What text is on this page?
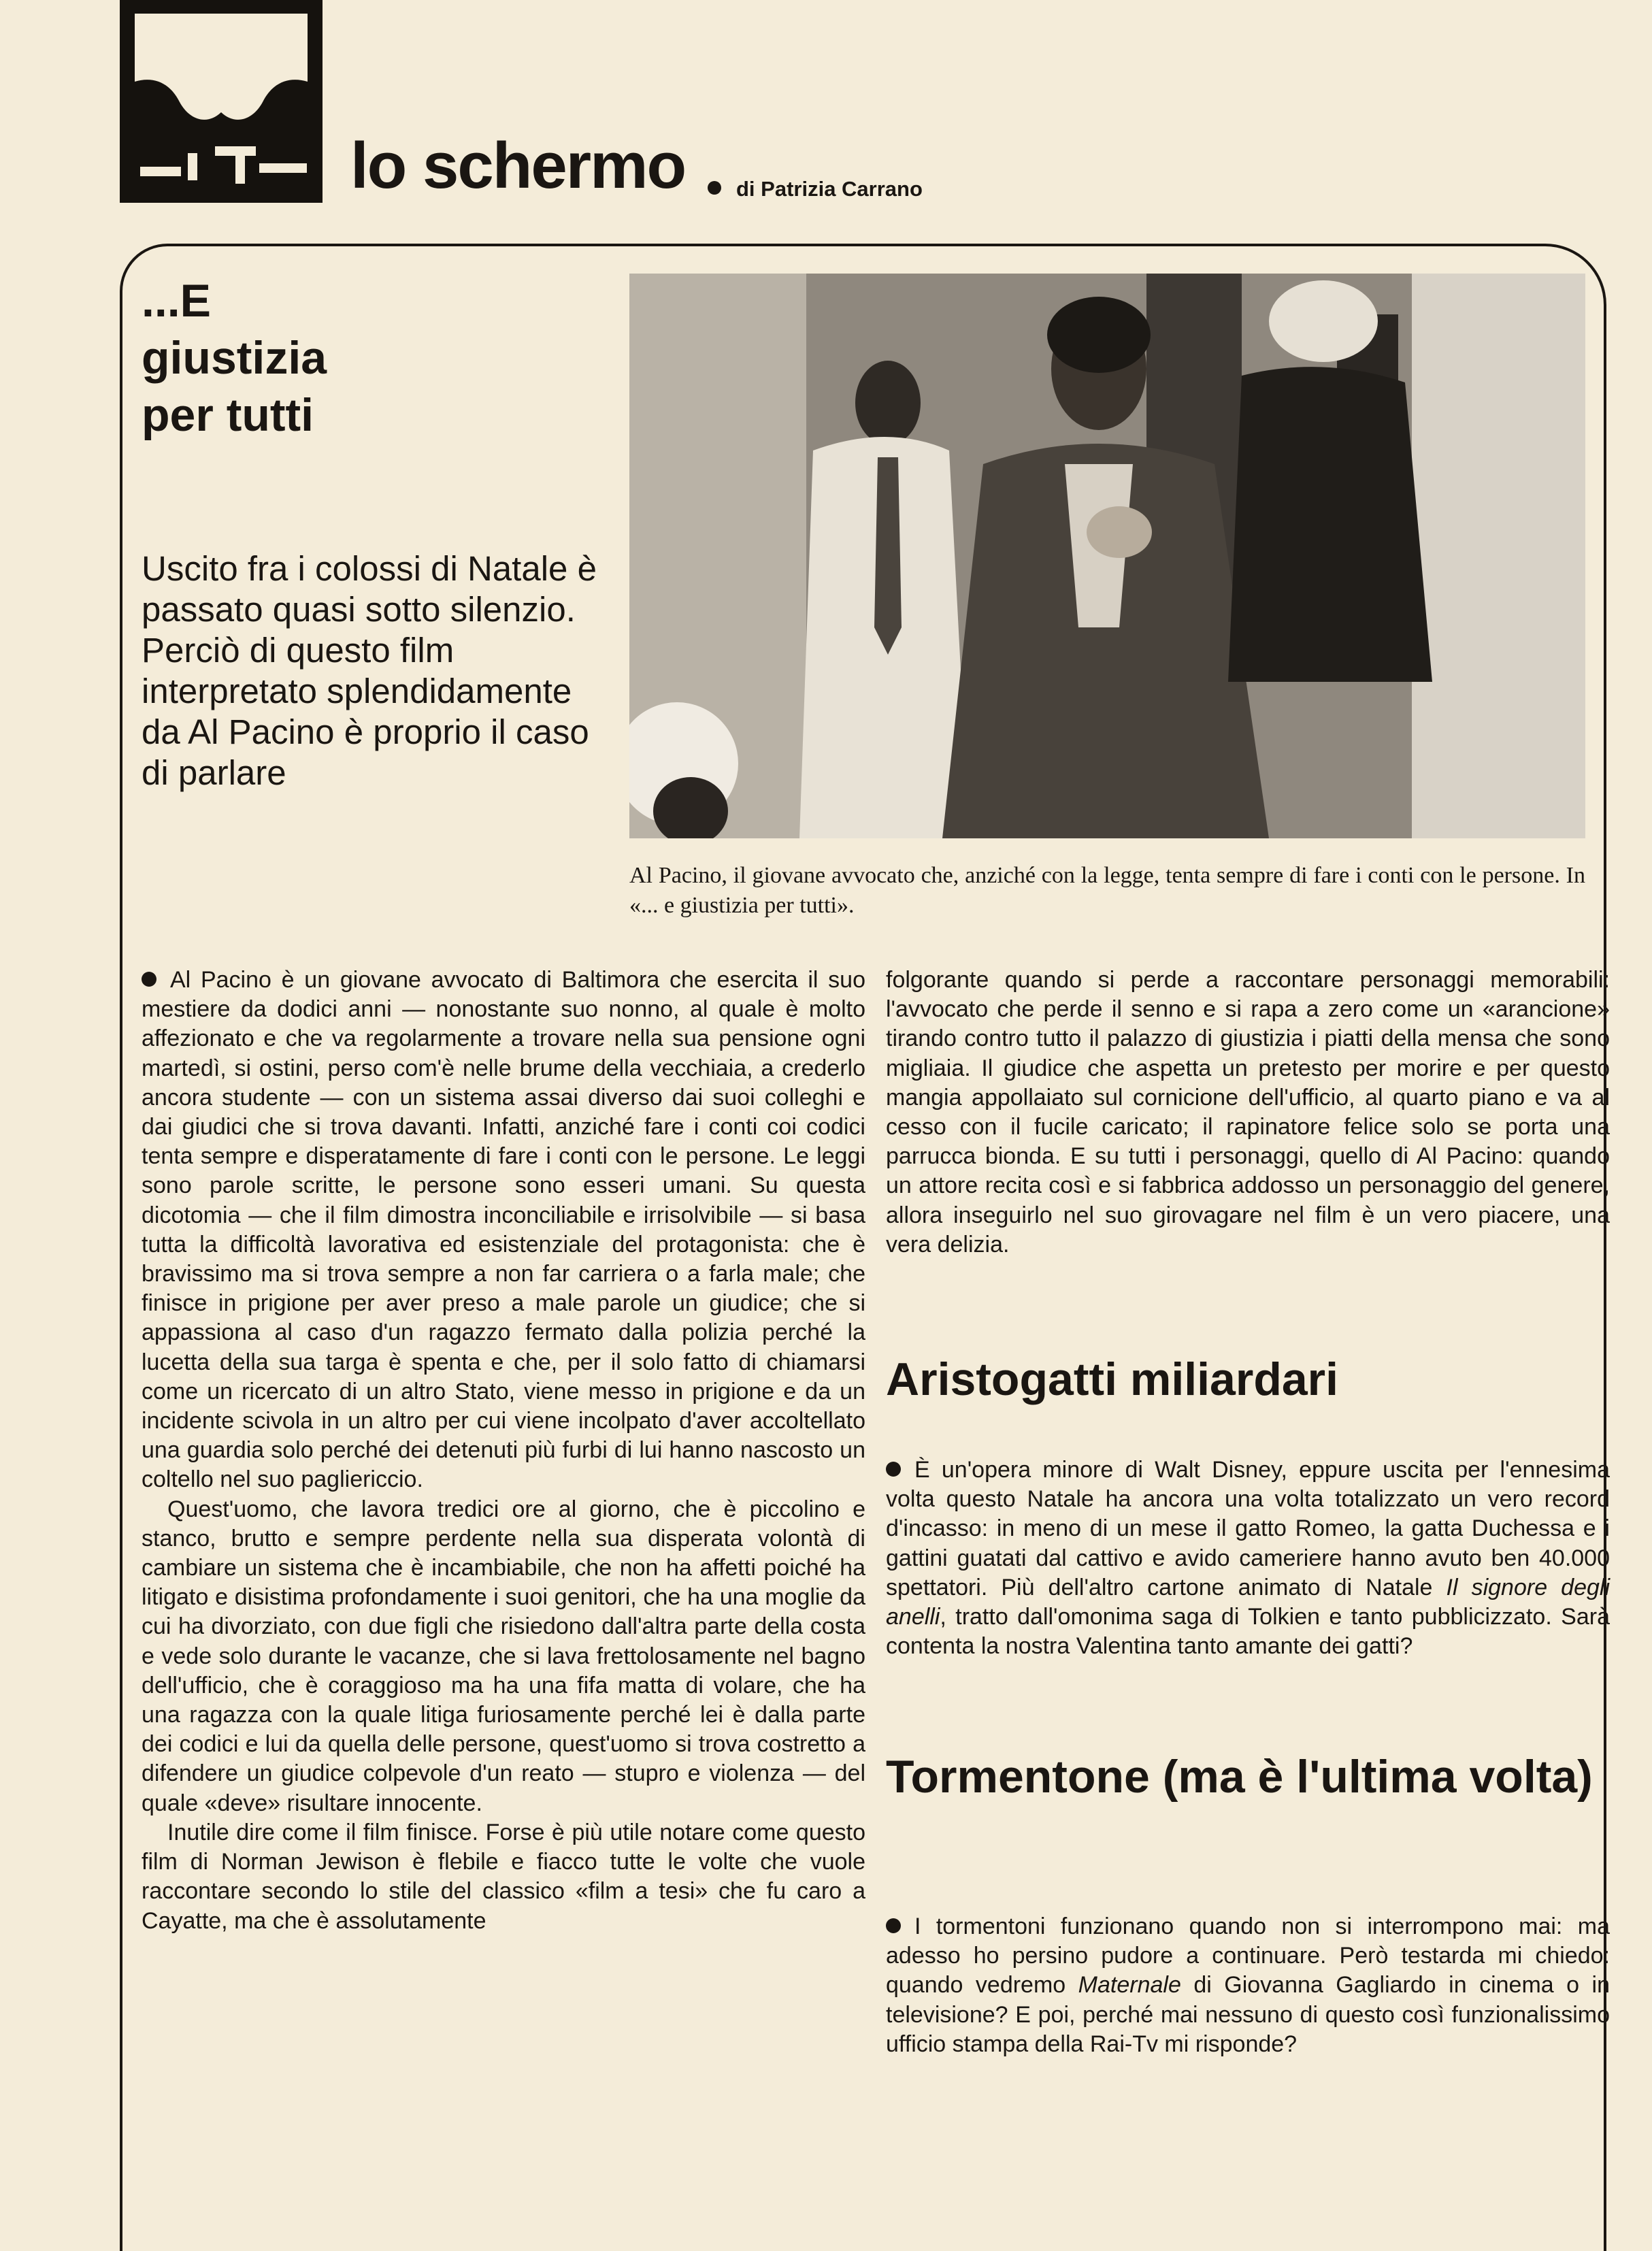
lo schermo	di Patrizia Carrano
...E
giustizia
per tutti
Uscito fra i colossi di Natale è passato quasi sotto silenzio. Perciò di questo film interpretato splendidamente da Al Pacino è proprio il caso di parlare
Al Pacino, il giovane avvocato che, anziché con la legge, tenta sempre di fare i conti con le persone. In «... e giustizia per tutti».

Al Pacino è un giovane avvocato di Baltimora che esercita il suo mestiere da dodici anni — nonostante suo nonno, al quale è molto affezionato e che va regolarmente a trovare nella sua pensione ogni martedì, si ostini, perso com'è nelle brume della vecchiaia, a crederlo ancora studente — con un sistema assai diverso dai suoi colleghi e dai giudici che si trova davanti. Infatti, anziché fare i conti coi codici tenta sempre e disperatamente di fare i conti con le persone. Le leggi sono parole scritte, le persone sono esseri umani. Su questa dicotomia — che il film dimostra inconciliabile e irrisolvibile — si basa tutta la difficoltà lavorativa ed esistenziale del protagonista: che è bravissimo ma si trova sempre a non far carriera o a farla male; che finisce in prigione per aver preso a male parole un giudice; che si appassiona al caso d'un ragazzo fermato dalla polizia perché la lucetta della sua targa è spenta e che, per il solo fatto di chiamarsi come un ricercato di un altro Stato, viene messo in prigione e da un incidente scivola in un altro per cui viene incolpato d'aver accoltellato una guardia solo perché dei detenuti più furbi di lui hanno nascosto un coltello nel suo pagliericcio.

Quest'uomo, che lavora tredici ore al giorno, che è piccolino e stanco, brutto e sempre perdente nella sua disperata volontà di cambiare un sistema che è incambiabile, che non ha affetti poiché ha litigato e disistima profondamente i suoi genitori, che ha una moglie da cui ha divorziato, con due figli che risiedono dall'altra parte della costa e vede solo durante le vacanze, che si lava frettolosamente nel bagno dell'ufficio, che è coraggioso ma ha una fifa matta di volare, che ha una ragazza con la quale litiga furiosamente perché lei è dalla parte dei codici e lui da quella delle persone, quest'uomo si trova costretto a difendere un giudice colpevole d'un reato — stupro e violenza — del quale «deve» risultare innocente.

Inutile dire come il film finisce. Forse è più utile notare come questo film di Norman Jewison è flebile e fiacco tutte le volte che vuole raccontare secondo lo stile del classico «film a tesi» che fu caro a Cayatte, ma che è assolutamente

folgorante quando si perde a raccontare personaggi memorabili: l'avvocato che perde il senno e si rapa a zero come un «arancione» tirando contro tutto il palazzo di giustizia i piatti della mensa che sono migliaia. Il giudice che aspetta un pretesto per morire e per questo mangia appollaiato sul cornicione dell'ufficio, al quarto piano e va al cesso con il fucile caricato; il rapinatore felice solo se porta una parrucca bionda. E su tutti i personaggi, quello di Al Pacino: quando un attore recita così e si fabbrica addosso un personaggio del genere, allora inseguirlo nel suo girovagare nel film è un vero piacere, una vera delizia.

Aristogatti miliardari
È un'opera minore di Walt Disney, eppure uscita per l'ennesima volta questo Natale ha ancora una volta totalizzato un vero record d'incasso: in meno di un mese il gatto Romeo, la gatta Duchessa e i gattini guatati dal cattivo e avido cameriere hanno avuto ben 40.000 spettatori. Più dell'altro cartone animato di Natale Il signore degli anelli, tratto dall'omonima saga di Tolkien e tanto pubblicizzato. Sarà contenta la nostra Valentina tanto amante dei gatti?
Tormentone (ma è l'ultima volta)
I tormentoni funzionano quando non si interrompono mai: ma adesso ho persino pudore a continuare. Però testarda mi chiedo: quando vedremo Maternale di Giovanna Gagliardo in cinema o in televisione? E poi, perché mai nessuno di questo così funzionalissimo ufficio stampa della Rai-Tv mi risponde?
